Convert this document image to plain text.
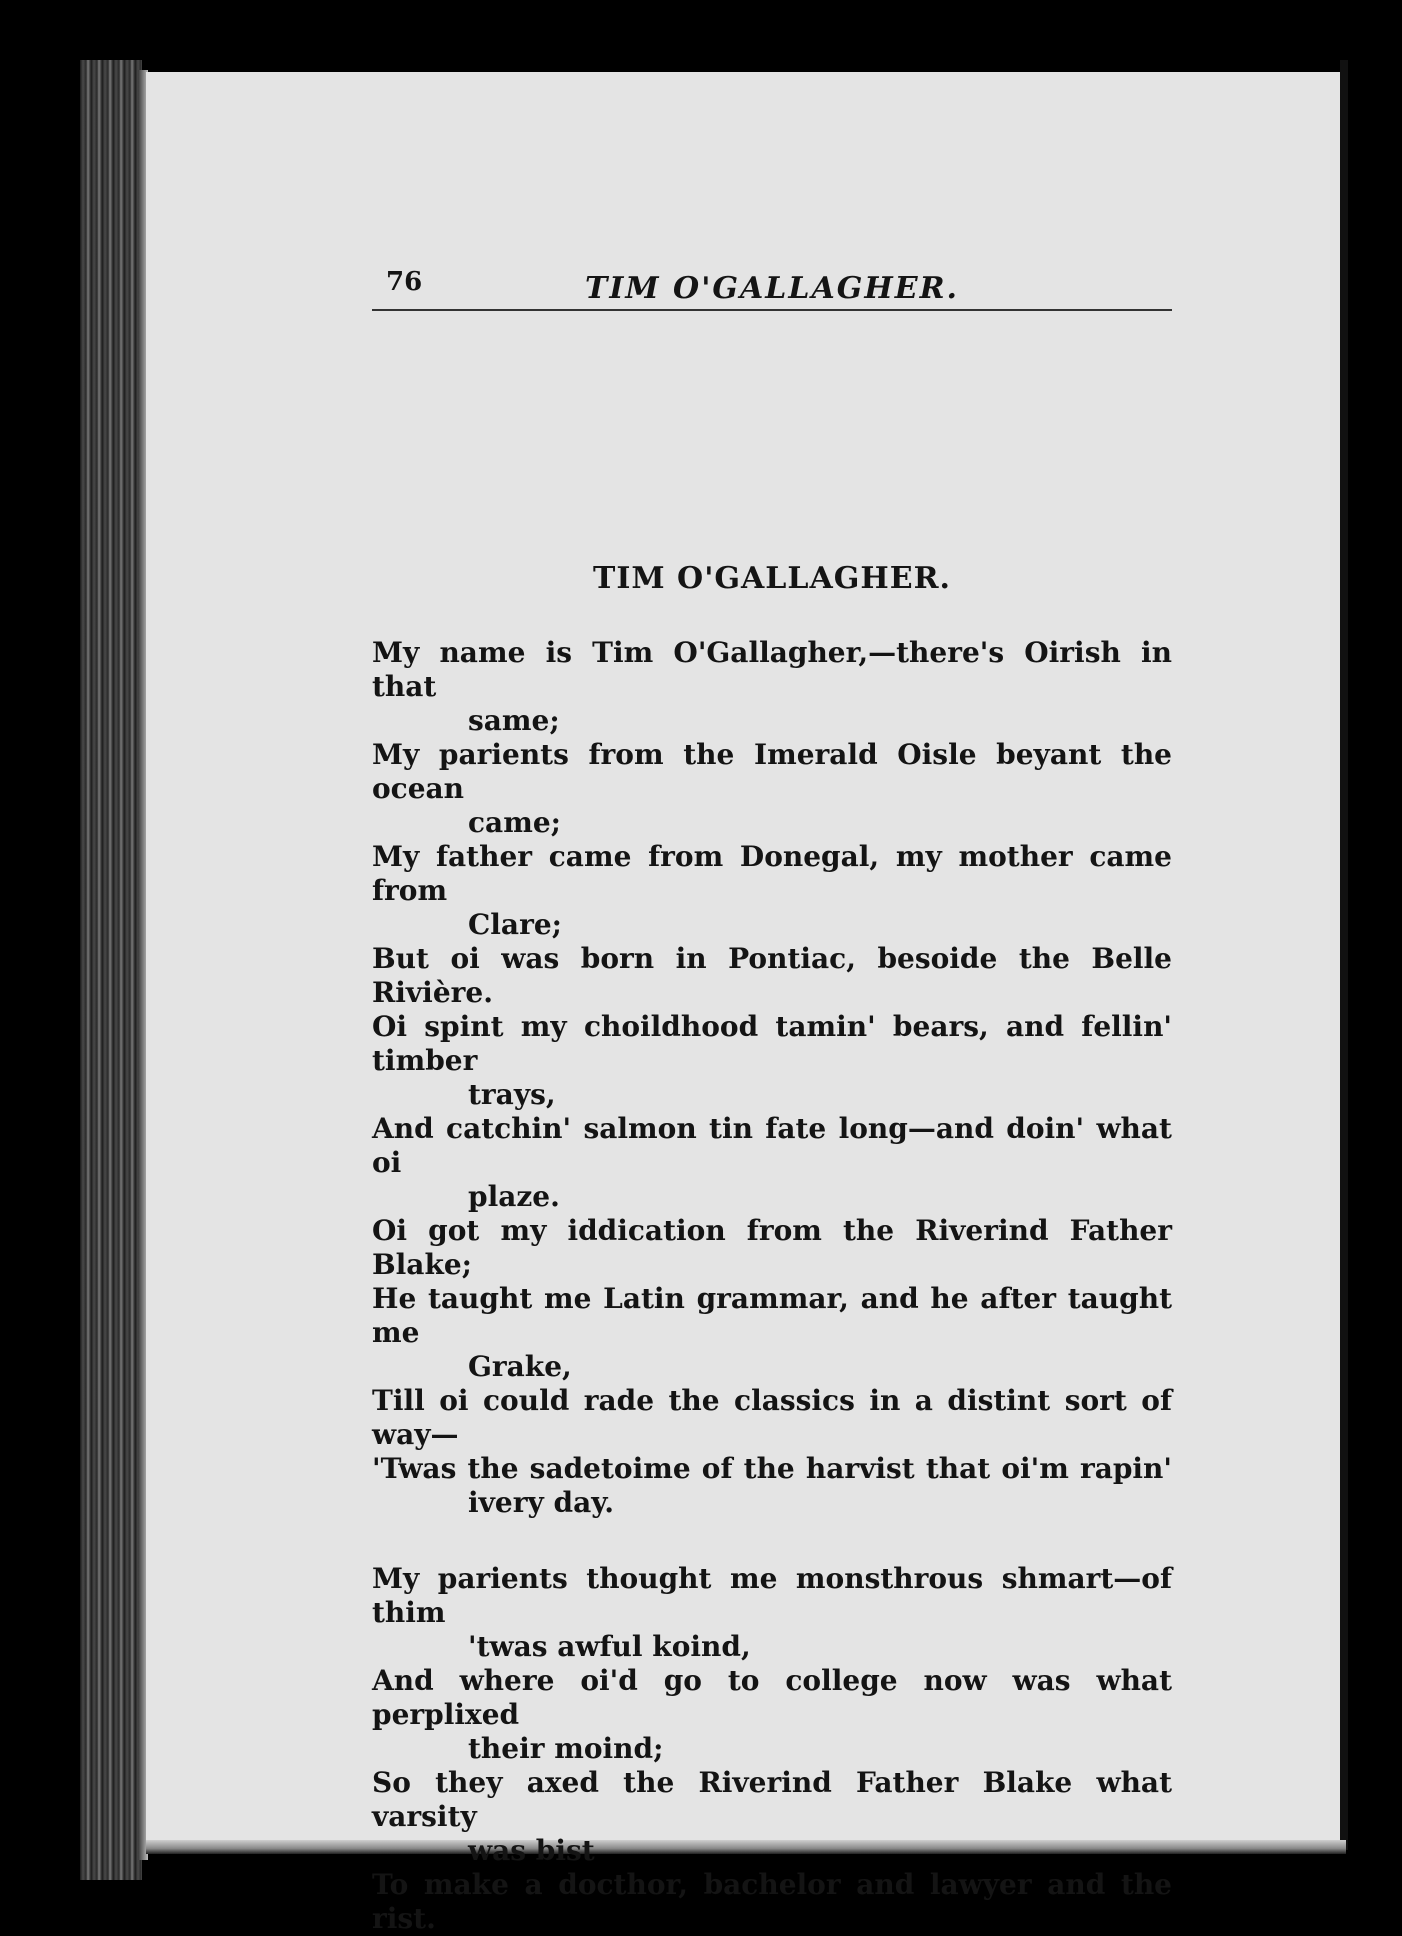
76	TIM O'GALLAGHER.
TIM O'GALLAGHER.
My name is Tim O'Gallagher,—there's Oirish in that
same;
My parients from the Imerald Oisle beyant the ocean
came;
My father came from Donegal, my mother came from
Clare;
But oi was born in Pontiac, besoide the Belle Rivière.
Oi spint my choildhood tamin' bears, and fellin' timber
trays,
And catchin' salmon tin fate long—and doin' what oi
plaze.
Oi got my iddication from the Riverind Father Blake;
He taught me Latin grammar, and he after taught me
Grake,
Till oi could rade the classics in a distint sort of way—
'Twas the sadetoime of the harvist that oi'm rapin'
ivery day.
My parients thought me monsthrous shmart—of thim
'twas awful koind,
And where oi'd go to college now was what perplixed
their moind;
So they axed the Riverind Father Blake what varsity
was bist
To make a docthor, bachelor and lawyer and the rist.
